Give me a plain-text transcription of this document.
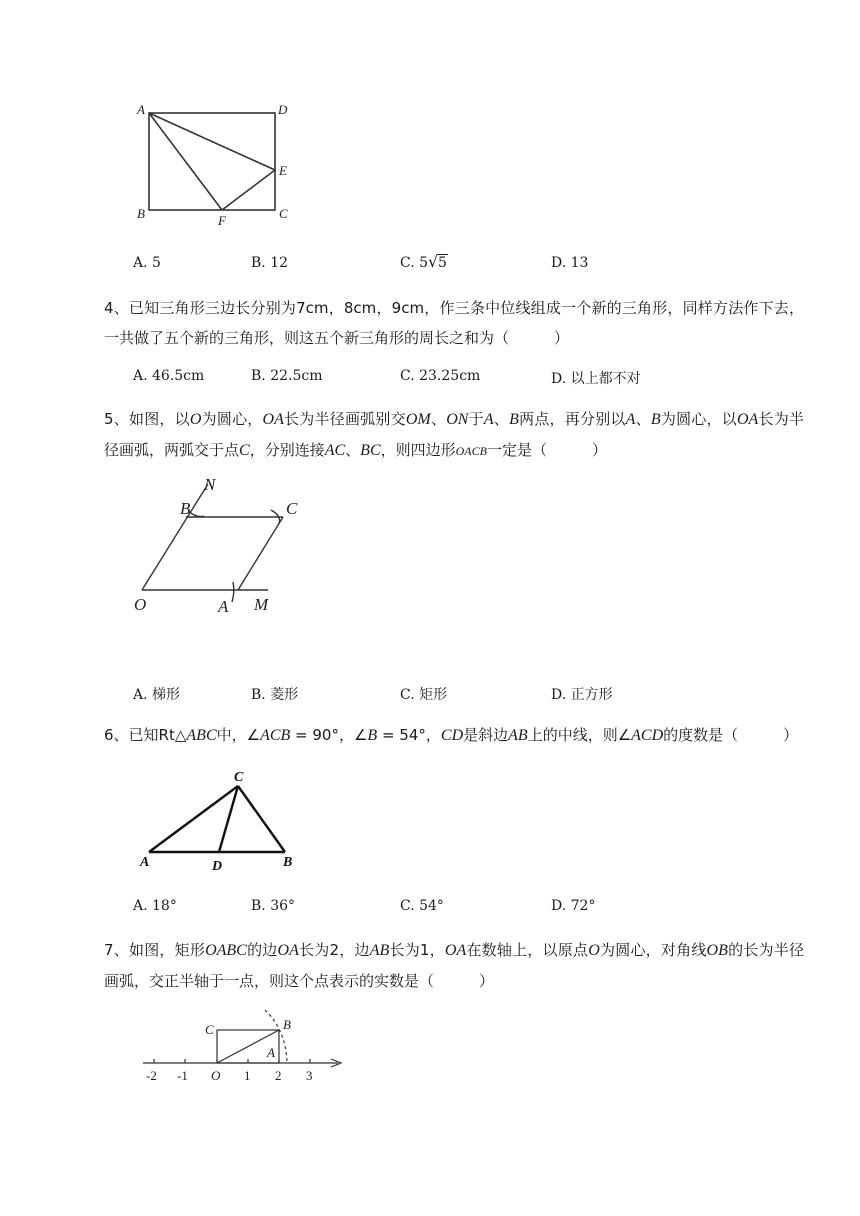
A	D
E
B	C
F
A. 5	B. 12	C. 5 √ 5	D. 13
4、已知三角形三边长分别为7cm，8cm，9cm，作三条中位线组成一个新的三角形，同样方法作下去，一共做了五个新的三角形，则这五个新三角形的周长之和为（　　　）
A. 46.5cm	B. 22.5cm	C. 23.25cm	D. 以上都不对
5、如图，以O为圆心，OA长为半径画弧别交OM、ON于A、B两点，再分别以A、B为圆心，以OA长为半径画弧，两弧交于点C，分别连接AC、BC，则四边形OACB一定是（　　　）
N
B	C
O	A M
A. 梯形	B. 菱形	C. 矩形	D. 正方形
6、已知Rt△ABC中，∠ACB = 90°，∠B = 54°，CD是斜边AB上的中线，则∠ACD的度数是（　　　）
C
A	D	B
A. 18°	B. 36°	C. 54°	D. 72°
7、如图，矩形OABC的边OA长为2，边AB长为1，OA在数轴上，以原点O为圆心，对角线OB的长为半径画弧，交正半轴于一点，则这个点表示的实数是（　　　）
C	B
A
O
-2 -1	1 2 3
